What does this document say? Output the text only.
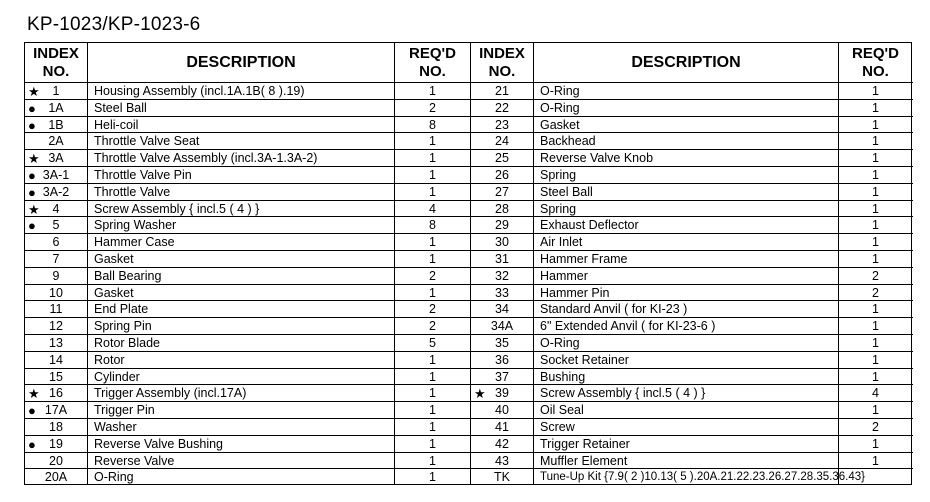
KP-1023/KP-1023-6
INDEX
NO.
DESCRIPTION
REQ'D
NO.
★	1	Housing Assembly (incl.1A.1B( 8 ).19)	1
● 1A	Steel Ball	2
● 1B	Heli-coil	8
2A	Throttle Valve Seat	1
★ 3A	Throttle Valve Assembly (incl.3A-1.3A-2)	1
● 3A-1	Throttle Valve Pin	1
● 3A-2	Throttle Valve	1
★	4	Screw Assembly { incl.5 ( 4 ) }	4
●	5	Spring Washer	8
6	Hammer Case	1
7	Gasket	1
9	Ball Bearing	2
10	Gasket	1
11	End Plate	2
12	Spring Pin	2
13	Rotor Blade	5
14	Rotor	1
15	Cylinder	1
★ 16	Trigger Assembly (incl.17A)	1
● 17A	Trigger Pin	1
18	Washer	1
●	19	Reverse Valve Bushing	1
20	Reverse Valve	1
20A	O-Ring	1
INDEX
NO.
DESCRIPTION
REQ'D
NO.
21	O-Ring	1
22	O-Ring	1
23	Gasket	1
24	Backhead	1
25	Reverse Valve Knob	1
26	Spring	1
27	Steel Ball	1
28	Spring	1
29	Exhaust Deflector	1
30	Air Inlet	1
31	Hammer Frame	1
32	Hammer	2
33	Hammer Pin	2
34	Standard Anvil ( for KI-23 )	1
34A	6" Extended Anvil ( for KI-23-6 )	1
35	O-Ring	1
36	Socket Retainer	1
37	Bushing	1
★ 39	Screw Assembly { incl.5 ( 4 ) }	4
40	Oil Seal	1
41	Screw	2
42	Trigger Retainer	1
43	Muffler Element	1
TK	Tune-Up Kit {7.9( 2 )10.13( 5 ).20A.21.22.23.26.27.28.35.36.43}
